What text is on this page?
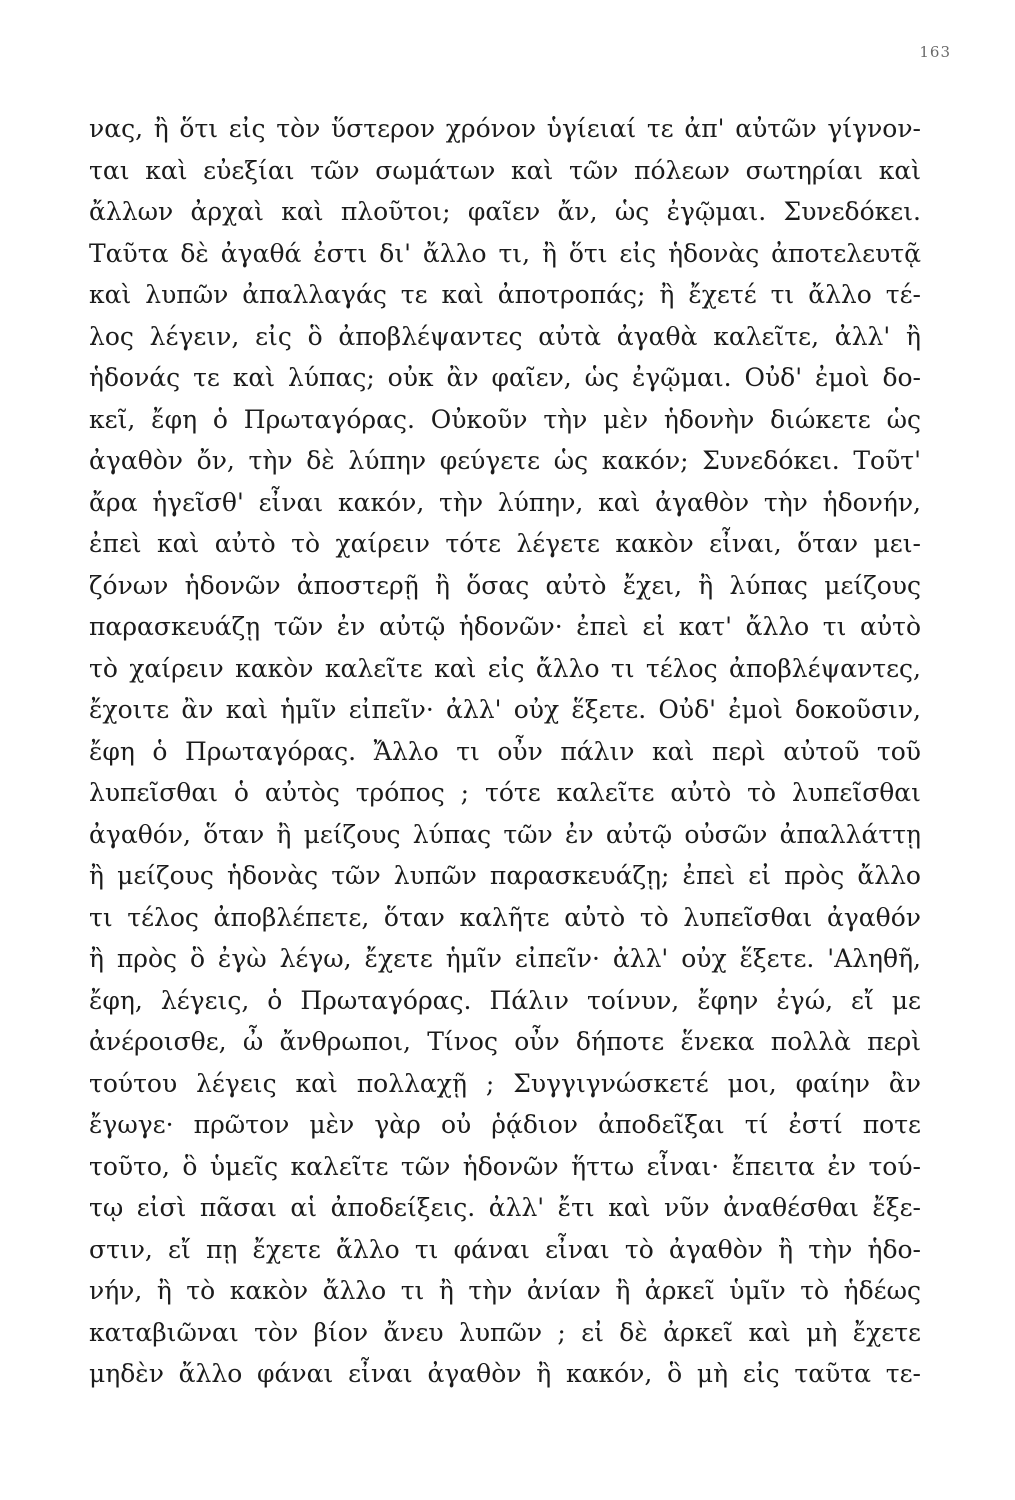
163
νας, ἢ ὅτι εἰς τὸν ὕστερον χρόνον ὑγίειαί τε ἀπ' αὐτῶν γίγνον-
ται καὶ εὐεξίαι τῶν σωμάτων καὶ τῶν πόλεων σωτηρίαι καὶ
ἄλλων ἀρχαὶ καὶ πλοῦτοι; φαῖεν ἄν, ὡς ἐγῷμαι. Συνεδόκει.
Ταῦτα δὲ ἀγαθά ἐστι δι' ἄλλο τι, ἢ ὅτι εἰς ἡδονὰς ἀποτελευτᾷ
καὶ λυπῶν ἀπαλλαγάς τε καὶ ἀποτροπάς; ἢ ἔχετέ τι ἄλλο τέ-
λος λέγειν, εἰς ὃ ἀποβλέψαντες αὐτὰ ἀγαθὰ καλεῖτε, ἀλλ' ἢ
ἡδονάς τε καὶ λύπας; οὐκ ἂν φαῖεν, ὡς ἐγῷμαι. Οὐδ' ἐμοὶ δο-
κεῖ, ἔφη ὁ Πρωταγόρας. Οὐκοῦν τὴν μὲν ἡδονὴν διώκετε ὡς
ἀγαθὸν ὄν, τὴν δὲ λύπην φεύγετε ὡς κακόν; Συνεδόκει. Τοῦτ'
ἄρα ἡγεῖσθ' εἶναι κακόν, τὴν λύπην, καὶ ἀγαθὸν τὴν ἡδονήν,
ἐπεὶ καὶ αὐτὸ τὸ χαίρειν τότε λέγετε κακὸν εἶναι, ὅταν μει-
ζόνων ἡδονῶν ἀποστερῇ ἢ ὅσας αὐτὸ ἔχει, ἢ λύπας μείζους
παρασκευάζῃ τῶν ἐν αὐτῷ ἡδονῶν· ἐπεὶ εἰ κατ' ἄλλο τι αὐτὸ
τὸ χαίρειν κακὸν καλεῖτε καὶ εἰς ἄλλο τι τέλος ἀποβλέψαντες,
ἔχοιτε ἂν καὶ ἡμῖν εἰπεῖν· ἀλλ' οὐχ ἕξετε. Οὐδ' ἐμοὶ δοκοῦσιν,
ἔφη ὁ Πρωταγόρας. Ἄλλο τι οὖν πάλιν καὶ περὶ αὐτοῦ τοῦ
λυπεῖσθαι ὁ αὐτὸς τρόπος ; τότε καλεῖτε αὐτὸ τὸ λυπεῖσθαι
ἀγαθόν, ὅταν ἢ μείζους λύπας τῶν ἐν αὐτῷ οὐσῶν ἀπαλλάττῃ
ἢ μείζους ἡδονὰς τῶν λυπῶν παρασκευάζῃ; ἐπεὶ εἰ πρὸς ἄλλο
τι τέλος ἀποβλέπετε, ὅταν καλῆτε αὐτὸ τὸ λυπεῖσθαι ἀγαθόν
ἢ πρὸς ὃ ἐγὼ λέγω, ἔχετε ἡμῖν εἰπεῖν· ἀλλ' οὐχ ἕξετε. 'Αληθῆ,
ἔφη, λέγεις, ὁ Πρωταγόρας. Πάλιν τοίνυν, ἔφην ἐγώ, εἴ με
ἀνέροισθε, ὦ ἄνθρωποι, Τίνος οὖν δήποτε ἕνεκα πολλὰ περὶ
τούτου λέγεις καὶ πολλαχῇ ; Συγγιγνώσκετέ μοι, φαίην ἂν
ἔγωγε· πρῶτον μὲν γὰρ οὐ ῥᾴδιον ἀποδεῖξαι τί ἐστί ποτε
τοῦτο, ὃ ὑμεῖς καλεῖτε τῶν ἡδονῶν ἥττω εἶναι· ἔπειτα ἐν τού-
τῳ εἰσὶ πᾶσαι αἱ ἀποδείξεις. ἀλλ' ἔτι καὶ νῦν ἀναθέσθαι ἔξε-
στιν, εἴ πῃ ἔχετε ἄλλο τι φάναι εἶναι τὸ ἀγαθὸν ἢ τὴν ἡδο-
νήν, ἢ τὸ κακὸν ἄλλο τι ἢ τὴν ἀνίαν ἢ ἀρκεῖ ὑμῖν τὸ ἡδέως
καταβιῶναι τὸν βίον ἄνευ λυπῶν ; εἰ δὲ ἀρκεῖ καὶ μὴ ἔχετε
μηδὲν ἄλλο φάναι εἶναι ἀγαθὸν ἢ κακόν, ὃ μὴ εἰς ταῦτα τε-
